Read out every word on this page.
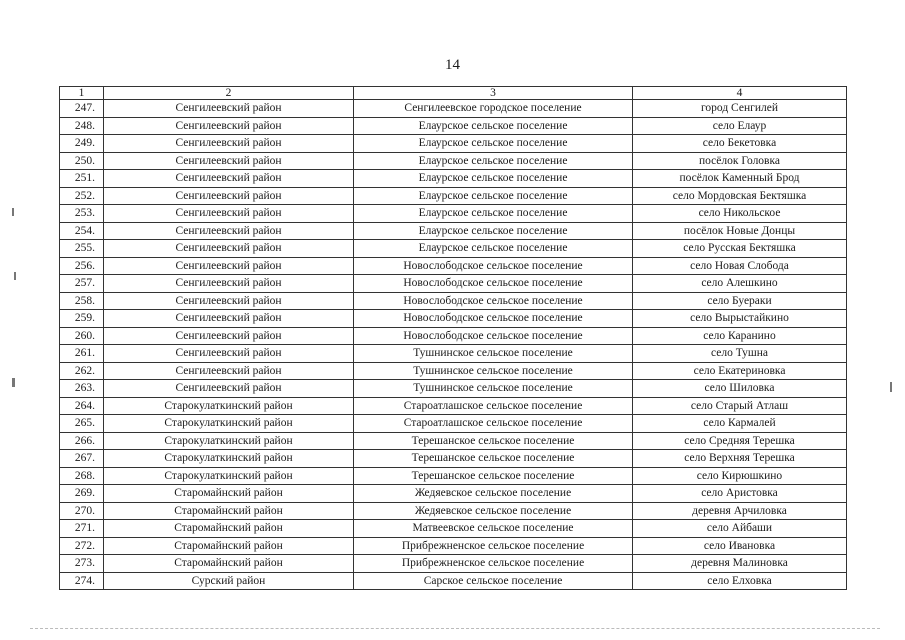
14
1	2	3	4
247.	Сенгилеевский район	Сенгилеевское городское поселение	город Сенгилей
248.	Сенгилеевский район	Елаурское сельское поселение	село Елаур
249.	Сенгилеевский район	Елаурское сельское поселение	село Бекетовка
250.	Сенгилеевский район	Елаурское сельское поселение	посёлок Головка
251.	Сенгилеевский район	Елаурское сельское поселение	посёлок Каменный Брод
252.	Сенгилеевский район	Елаурское сельское поселение	село Мордовская Бектяшка
253.	Сенгилеевский район	Елаурское сельское поселение	село Никольское
254.	Сенгилеевский район	Елаурское сельское поселение	посёлок Новые Донцы
255.	Сенгилеевский район	Елаурское сельское поселение	село Русская Бектяшка
256.	Сенгилеевский район	Новослободское сельское поселение	село Новая Слобода
257.	Сенгилеевский район	Новослободское сельское поселение	село Алешкино
258.	Сенгилеевский район	Новослободское сельское поселение	село Буераки
259.	Сенгилеевский район	Новослободское сельское поселение	село Вырыстайкино
260.	Сенгилеевский район	Новослободское сельское поселение	село Каранино
261.	Сенгилеевский район	Тушнинское сельское поселение	село Тушна
262.	Сенгилеевский район	Тушнинское сельское поселение	село Екатериновка
263.	Сенгилеевский район	Тушнинское сельское поселение	село Шиловка
264.	Старокулаткинский район	Староатлашское сельское поселение	село Старый Атлаш
265.	Старокулаткинский район	Староатлашское сельское поселение	село Кармалей
266.	Старокулаткинский район	Терешанское сельское поселение	село Средняя Терешка
267.	Старокулаткинский район	Терешанское сельское поселение	село Верхняя Терешка
268.	Старокулаткинский район	Терешанское сельское поселение	село Кирюшкино
269.	Старомайнский район	Жедяевское сельское поселение	село Аристовка
270.	Старомайнский район	Жедяевское сельское поселение	деревня Арчиловка
271.	Старомайнский район	Матвеевское сельское поселение	село Айбаши
272.	Старомайнский район	Прибрежненское сельское поселение	село Ивановка
273.	Старомайнский район	Прибрежненское сельское поселение	деревня Малиновка
274.	Сурский район	Сарское сельское поселение	село Елховка
